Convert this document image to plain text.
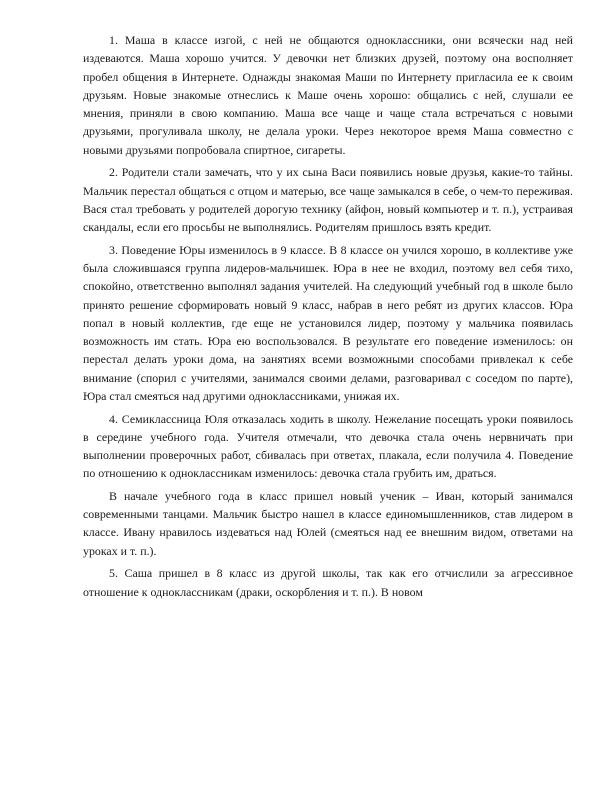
1. Маша в классе изгой, с ней не общаются одноклассники, они всячески над ней издеваются. Маша хорошо учится. У девочки нет близких друзей, поэтому она восполняет пробел общения в Интернете. Однажды знакомая Маши по Интернету пригласила ее к своим друзьям. Новые знакомые отнеслись к Маше очень хорошо: общались с ней, слушали ее мнения, приняли в свою компанию. Маша все чаще и чаще стала встречаться с новыми друзьями, прогуливала школу, не делала уроки. Через некоторое время Маша совместно с новыми друзьями попробовала спиртное, сигареты.

2. Родители стали замечать, что у их сына Васи появились новые друзья, какие-то тайны. Мальчик перестал общаться с отцом и матерью, все чаще замыкался в себе, о чем-то переживая. Вася стал требовать у родителей дорогую технику (айфон, новый компьютер и т. п.), устраивая скандалы, если его просьбы не выполнялись. Родителям пришлось взять кредит.

3. Поведение Юры изменилось в 9 классе. В 8 классе он учился хорошо, в коллективе уже была сложившаяся группа лидеров-мальчишек. Юра в нее не входил, поэтому вел себя тихо, спокойно, ответственно выполнял задания учителей. На следующий учебный год в школе было принято решение сформировать новый 9 класс, набрав в него ребят из других классов. Юра попал в новый коллектив, где еще не установился лидер, поэтому у мальчика появилась возможность им стать. Юра ею воспользовался. В результате его поведение изменилось: он перестал делать уроки дома, на занятиях всеми возможными способами привлекал к себе внимание (спорил с учителями, занимался своими делами, разговаривал с соседом по парте), Юра стал смеяться над другими одноклассниками, унижая их.

4. Семиклассница Юля отказалась ходить в школу. Нежелание посещать уроки появилось в середине учебного года. Учителя отмечали, что девочка стала очень нервничать при выполнении проверочных работ, сбивалась при ответах, плакала, если получила 4. Поведение по отношению к одноклассникам изменилось: девочка стала грубить им, драться.

В начале учебного года в класс пришел новый ученик – Иван, который занимался современными танцами. Мальчик быстро нашел в классе единомышленников, став лидером в классе. Ивану нравилось издеваться над Юлей (смеяться над ее внешним видом, ответами на уроках и т. п.).

5. Саша пришел в 8 класс из другой школы, так как его отчислили за агрессивное отношение к одноклассникам (драки, оскорбления и т. п.). В новом
